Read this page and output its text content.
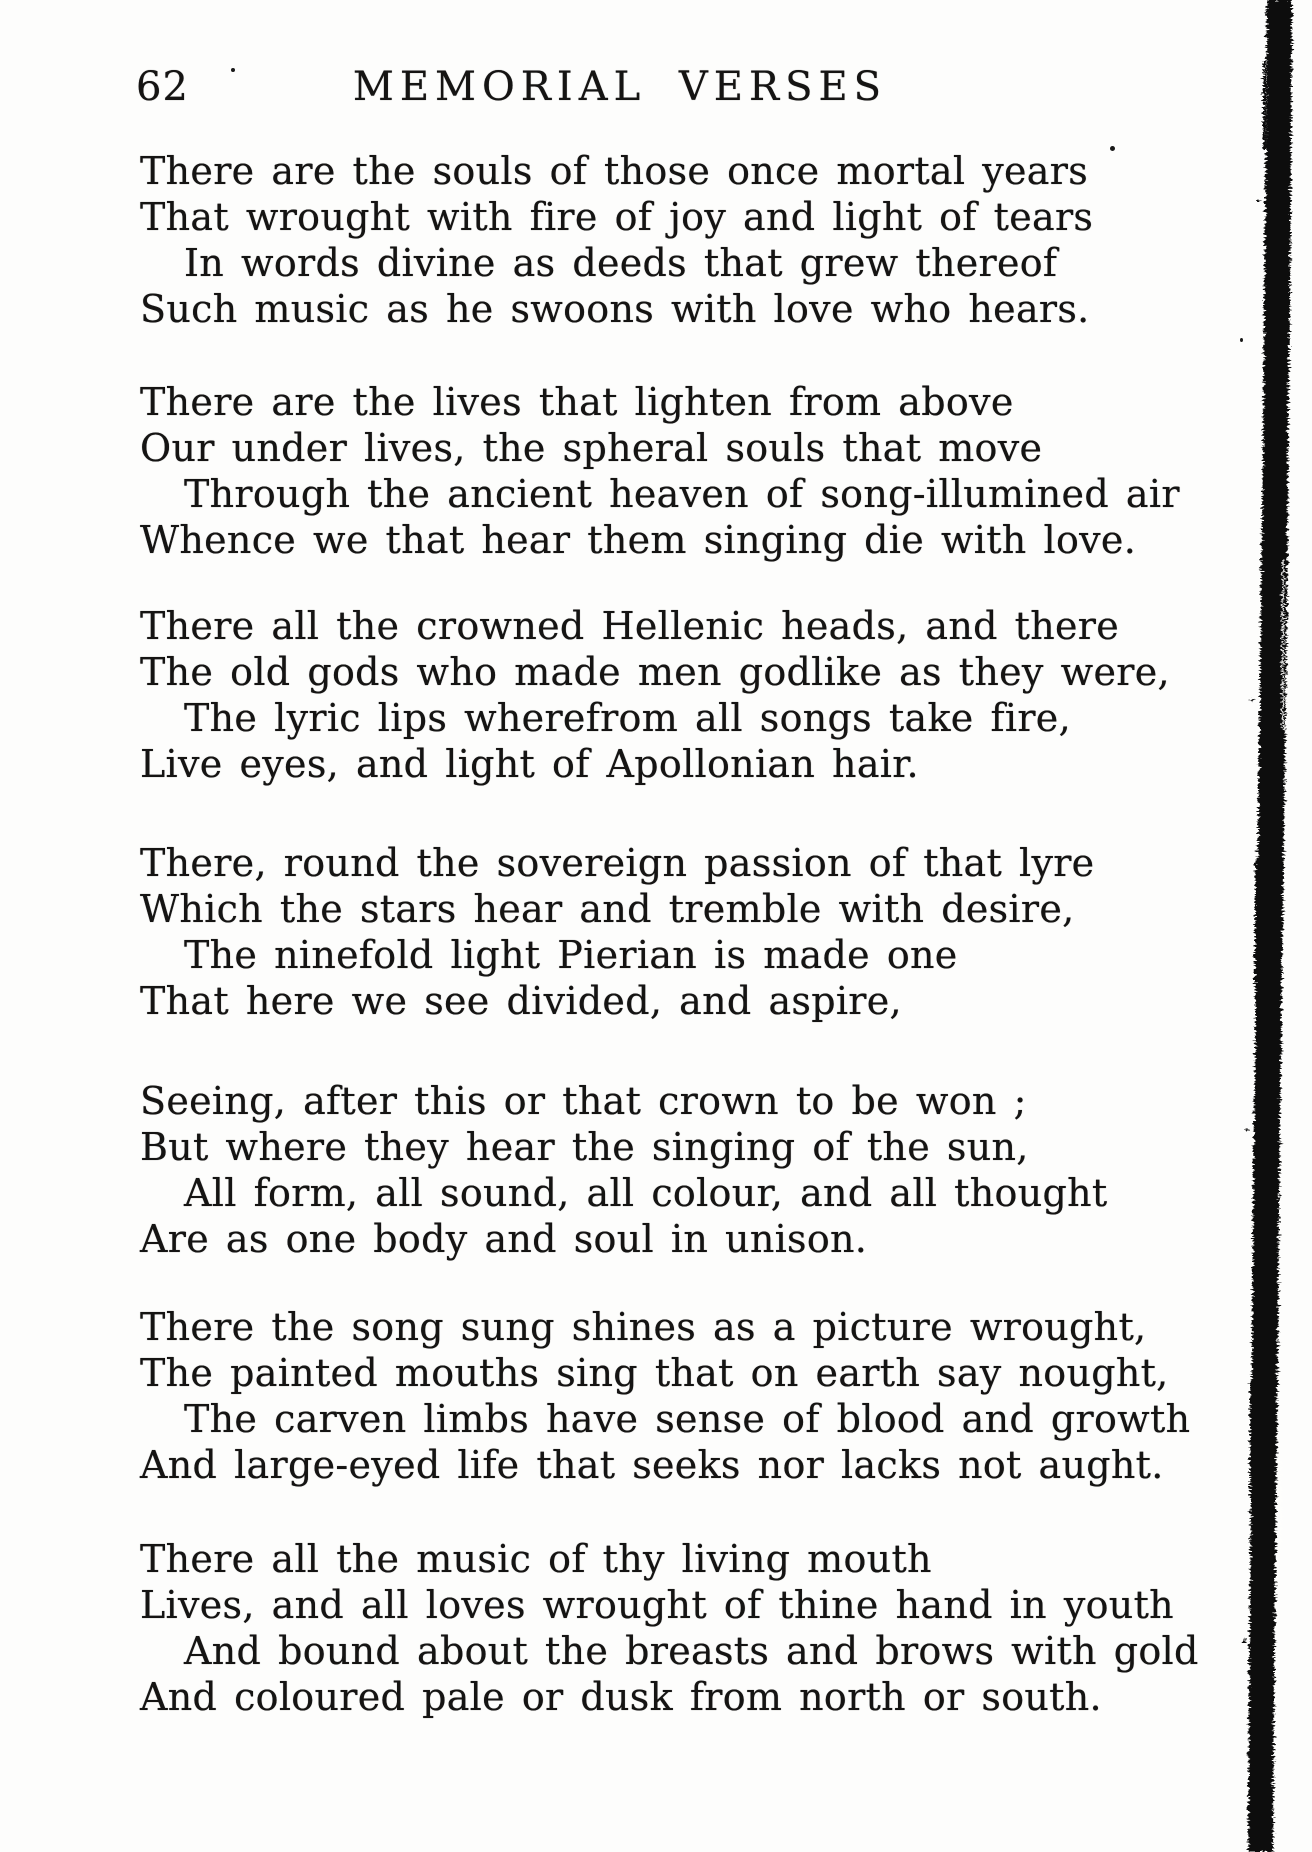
62	MEMORIAL VERSES
There are the souls of those once mortal years
That wrought with fire of joy and light of tears
In words divine as deeds that grew thereof
Such music as he swoons with love who hears.
There are the lives that lighten from above
Our under lives, the spheral souls that move
Through the ancient heaven of song-illumined air
Whence we that hear them singing die with love.
There all the crowned Hellenic heads, and there
The old gods who made men godlike as they were,
The lyric lips wherefrom all songs take fire,
Live eyes, and light of Apollonian hair.
There, round the sovereign passion of that lyre
Which the stars hear and tremble with desire,
The ninefold light Pierian is made one
That here we see divided, and aspire,
Seeing, after this or that crown to be won ;
But where they hear the singing of the sun,
All form, all sound, all colour, and all thought
Are as one body and soul in unison.
There the song sung shines as a picture wrought,
The painted mouths sing that on earth say nought,
The carven limbs have sense of blood and growth
And large-eyed life that seeks nor lacks not aught.
There all the music of thy living mouth
Lives, and all loves wrought of thine hand in youth
And bound about the breasts and brows with gold
And coloured pale or dusk from north or south.
